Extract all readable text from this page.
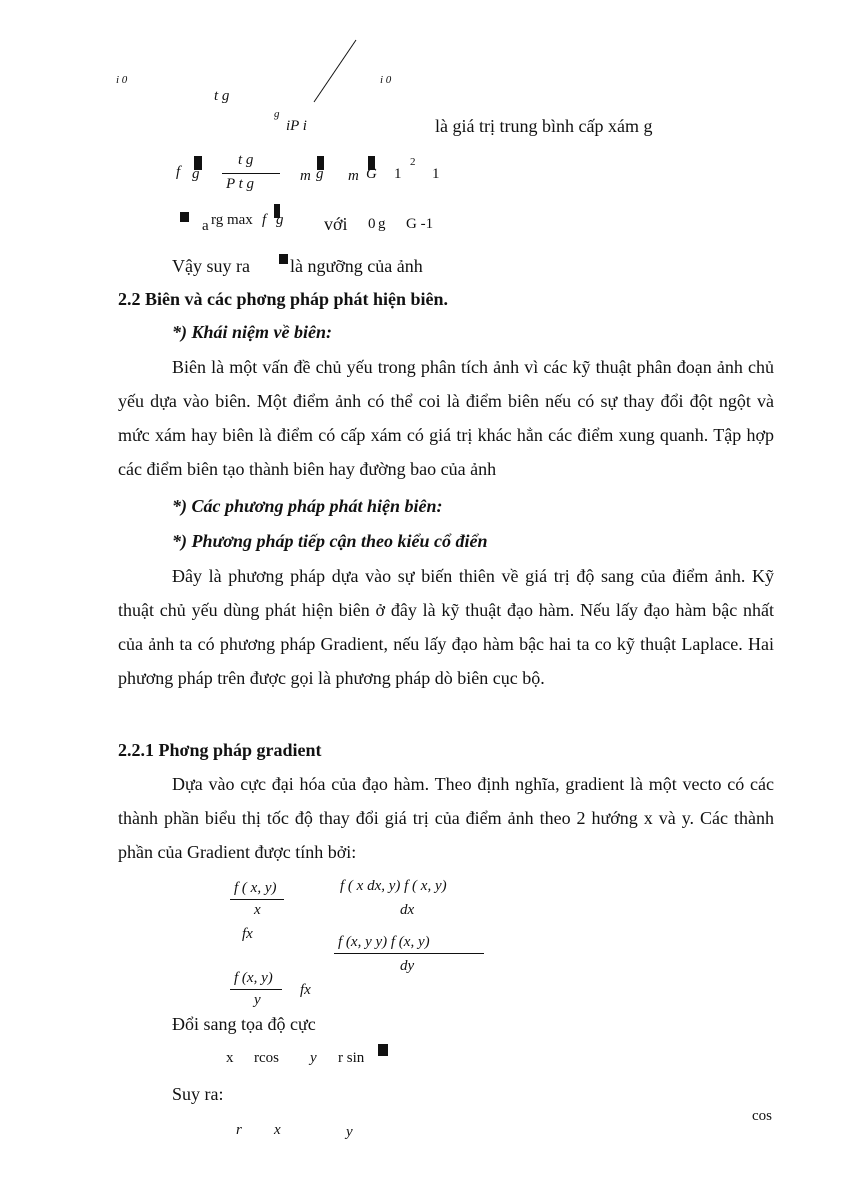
i 0
t g
g
i 0
iP i	là giá trị trung bình cấp xám g
f g
t g
P t g	m g m G 1
2
1
a rg max f g với 0 g G -1
Vậy suy ra là ngưỡng của ảnh
2.2 Biên và các phơng pháp phát hiện biên.
*) Khái niệm về biên:
Biên là một vấn đề chủ yếu trong phân tích ảnh vì các kỹ thuật phân đoạn ảnh chủ yếu dựa vào biên. Một điểm ảnh có thể coi là điểm biên nếu có sự thay đổi đột ngột và mức xám hay biên là điểm có cấp xám có giá trị khác hẳn các điểm xung quanh. Tập hợp các điểm biên tạo thành biên hay đường bao của ảnh
*) Các phương pháp phát hiện biên:
*) Phương pháp tiếp cận theo kiểu cổ điển
Đây là phương pháp dựa vào sự biến thiên về giá trị độ sang của điểm ảnh. Kỹ thuật chủ yếu dùng phát hiện biên ở đây là kỹ thuật đạo hàm. Nếu lấy đạo hàm bậc nhất của ảnh ta có phương pháp Gradient, nếu lấy đạo hàm bậc hai ta co kỹ thuật Laplace. Hai phương pháp trên được gọi là phương pháp dò biên cục bộ.
2.2.1 Phơng pháp gradient
Dựa vào cực đại hóa của đạo hàm. Theo định nghĩa, gradient là một vecto có các thành phần biểu thị tốc độ thay đổi giá trị của điểm ảnh theo 2 hướng x và y. Các thành phần của Gradient được tính bởi:
f ( x, y)
x
fx
f ( x dx, y) f ( x, y)
dx
f (x, y y) f (x, y)
dy
f (x, y)
y
fx
Đổi sang tọa độ cực
x rcos y r sin
Suy ra:
cos
r x	y
